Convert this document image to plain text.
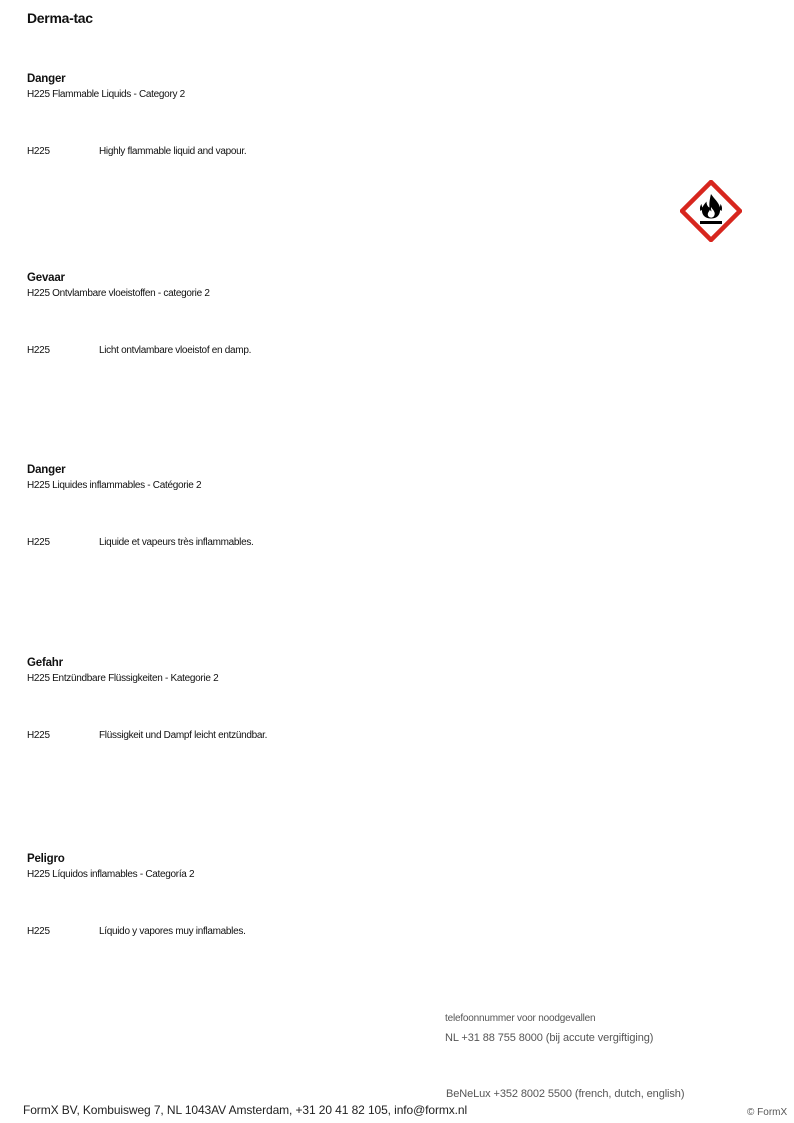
Derma-tac
Danger
H225 Flammable Liquids - Category 2
H225	Highly flammable liquid and vapour.
Gevaar
H225 Ontvlambare vloeistoffen - categorie 2
H225	Licht ontvlambare vloeistof en damp.
Danger
H225 Liquides inflammables - Catégorie 2
H225	Liquide et vapeurs très inflammables.
Gefahr
H225 Entzündbare Flüssigkeiten - Kategorie 2
H225	Flüssigkeit und Dampf leicht entzündbar.
Peligro
H225 Líquidos inflamables - Categoría 2
H225	Líquido y vapores muy inflamables.
telefoonnummer voor noodgevallen
NL +31 88 755 8000 (bij accute vergiftiging)
BeNeLux +352 8002 5500 (french, dutch, english)
FormX BV, Kombuisweg 7, NL 1043AV Amsterdam, +31 20 41 82 105, info@formx.nl	© FormX
